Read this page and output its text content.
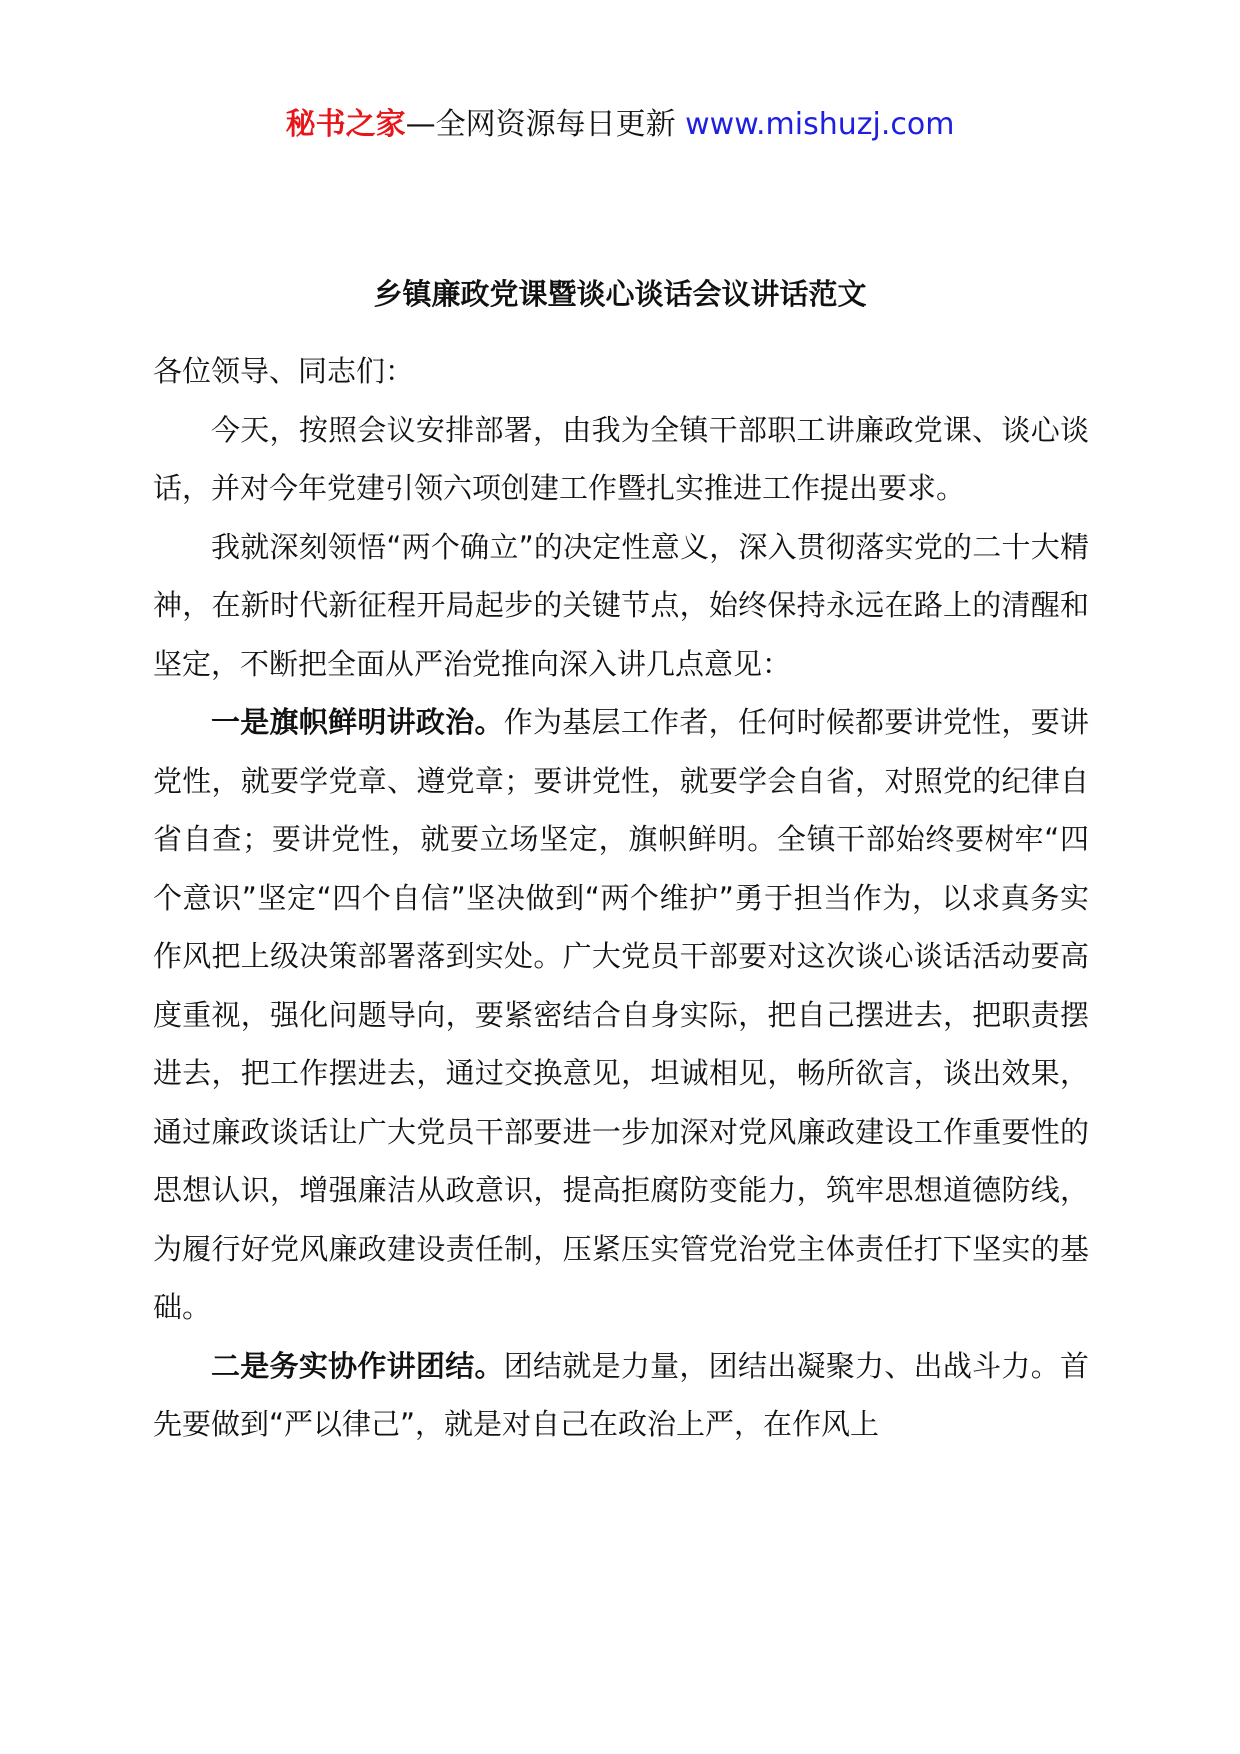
秘书之家—全网资源每日更新 www.mishuzj.com
乡镇廉政党课暨谈心谈话会议讲话范文

各位领导、同志们：

今天，按照会议安排部署，由我为全镇干部职工讲廉政党课、谈心谈话，并对今年党建引领六项创建工作暨扎实推进工作提出要求。

我就深刻领悟“两个确立”的决定性意义，深入贯彻落实党的二十大精神，在新时代新征程开局起步的关键节点，始终保持永远在路上的清醒和坚定，不断把全面从严治党推向深入讲几点意见：

一是旗帜鲜明讲政治。作为基层工作者，任何时候都要讲党性，要讲党性，就要学党章、遵党章；要讲党性，就要学会自省，对照党的纪律自省自查；要讲党性，就要立场坚定，旗帜鲜明。全镇干部始终要树牢“四个意识”坚定“四个自信”坚决做到“两个维护”勇于担当作为，以求真务实作风把上级决策部署落到实处。广大党员干部要对这次谈心谈话活动要高度重视，强化问题导向，要紧密结合自身实际，把自己摆进去，把职责摆进去，把工作摆进去，通过交换意见，坦诚相见，畅所欲言，谈出效果，通过廉政谈话让广大党员干部要进一步加深对党风廉政建设工作重要性的思想认识，增强廉洁从政意识，提高拒腐防变能力，筑牢思想道德防线，为履行好党风廉政建设责任制，压紧压实管党治党主体责任打下坚实的基础。

二是务实协作讲团结。团结就是力量，团结出凝聚力、出战斗力。首先要做到“严以律己”，就是对自己在政治上严，在作风上
